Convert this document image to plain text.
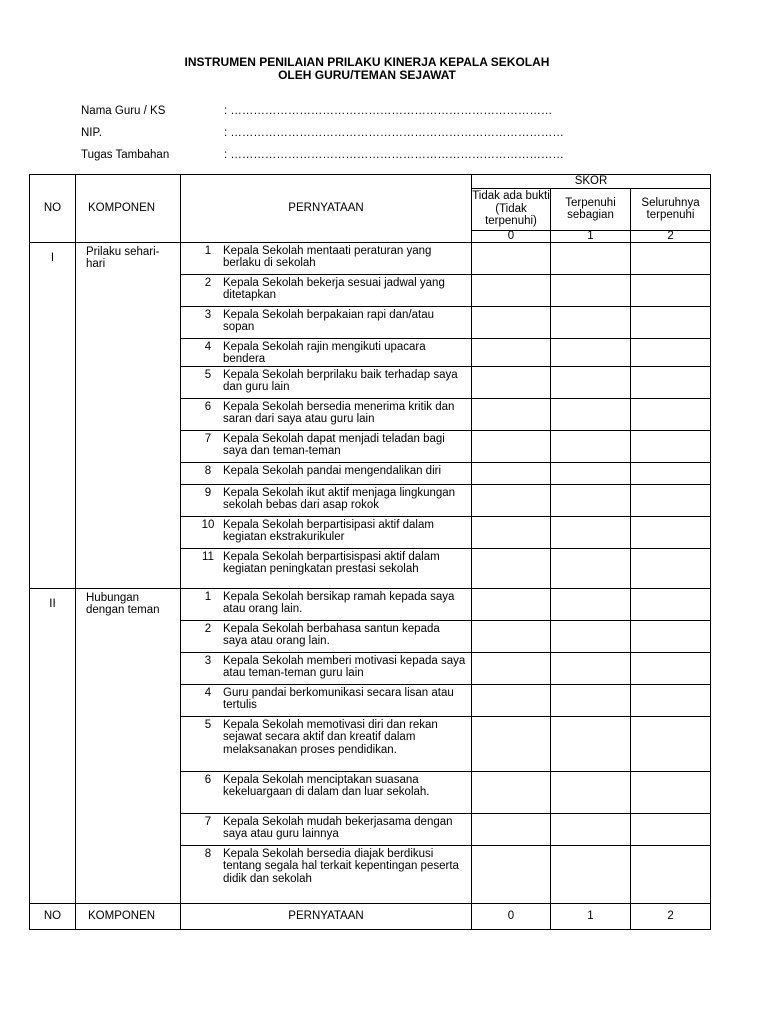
INSTRUMEN PENILAIAN PRILAKU KINERJA KEPALA SEKOLAH
OLEH GURU/TEMAN SEJAWAT
Nama Guru / KS	: …………………………………………………………………………
NIP.	: ……………………………………………………………………………
Tugas Tambahan	: ……………………………………………………………………………
NO	KOMPONEN	PERNYATAAN	SKOR		
			Tidak ada bukti (Tidak terpenuhi)	Terpenuhi sebagian	Seluruhnya terpenuhi
			0	1	2
I	Prilaku sehari-hari	1 Kepala Sekolah mentaati peraturan yang berlaku di sekolah			
		2 Kepala Sekolah bekerja sesuai jadwal yang ditetapkan			
		3 Kepala Sekolah berpakaian rapi dan/atau sopan			
		4 Kepala Sekolah rajin mengikuti upacara bendera			
		5 Kepala Sekolah berprilaku baik terhadap saya dan guru lain			
		6 Kepala Sekolah bersedia menerima kritik dan saran dari saya atau guru lain			
		7 Kepala Sekolah dapat menjadi teladan bagi saya dan teman-teman			
		8 Kepala Sekolah pandai mengendalikan diri			
		9 Kepala Sekolah ikut aktif menjaga lingkungan sekolah bebas dari asap rokok			
		10 Kepala Sekolah berpartisipasi aktif dalam kegiatan ekstrakurikuler			
		11 Kepala Sekolah berpartisispasi aktif dalam kegiatan peningkatan prestasi sekolah			
II	Hubungan dengan teman	1 Kepala Sekolah bersikap ramah kepada saya atau orang lain.			
		2 Kepala Sekolah berbahasa santun kepada saya atau orang lain.			
		3 Kepala Sekolah memberi motivasi kepada saya atau teman-teman guru lain			
		4 Guru pandai berkomunikasi secara lisan atau tertulis			
		5 Kepala Sekolah memotivasi diri dan rekan sejawat secara aktif dan kreatif dalam melaksanakan proses pendidikan.			
		6 Kepala Sekolah menciptakan suasana kekeluargaan di dalam dan luar sekolah.			
		7 Kepala Sekolah mudah bekerjasama dengan saya atau guru lainnya			
		8 Kepala Sekolah bersedia diajak berdikusi tentang segala hal terkait kepentingan peserta didik dan sekolah			
NO	KOMPONEN	PERNYATAAN	0	1	2
